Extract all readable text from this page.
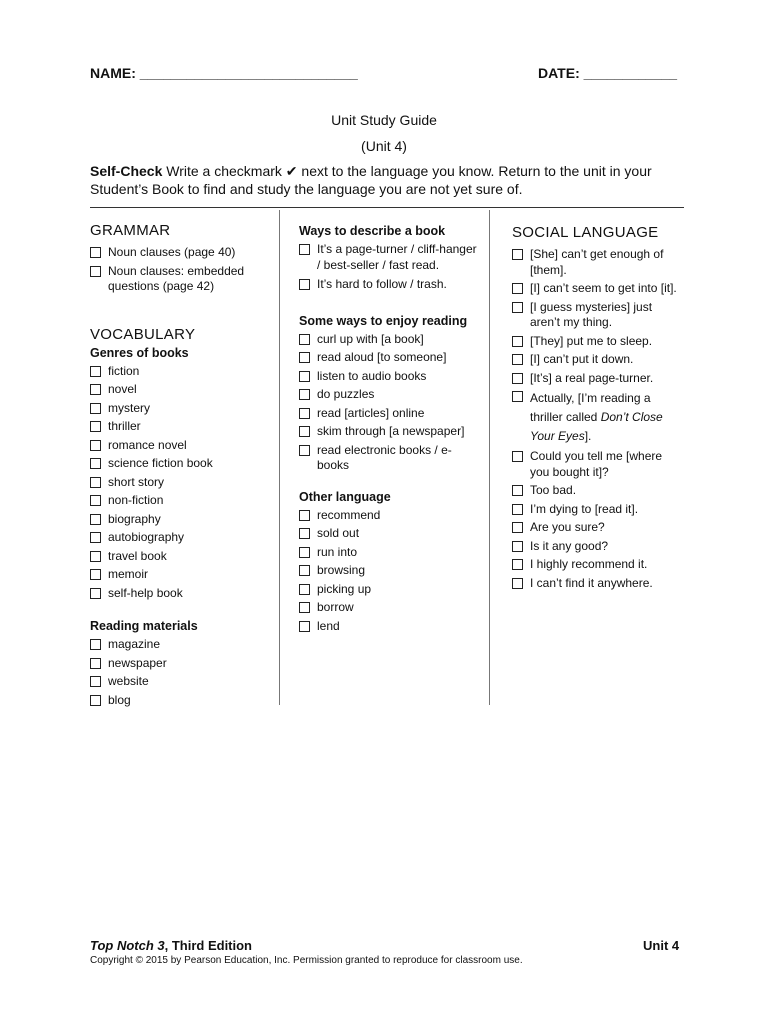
NAME: ____________________________	DATE: ____________
Unit Study Guide
(Unit 4)
Self-Check Write a checkmark ✔ next to the language you know. Return to the unit in your Student’s Book to find and study the language you are not yet sure of.
GRAMMAR
Noun clauses (page 40)
Noun clauses: embedded questions (page 42)
VOCABULARY
Genres of books
fiction
novel
mystery
thriller
romance novel
science fiction book
short story
non-fiction
biography
autobiography
travel book
memoir
self-help book
Reading materials
magazine
newspaper
website
blog
Ways to describe a book
It’s a page-turner / cliff-hanger / best-seller / fast read.
It’s hard to follow / trash.
Some ways to enjoy reading
curl up with [a book]
read aloud [to someone]
listen to audio books
do puzzles
read [articles] online
skim through [a newspaper]
read electronic books / e-books
Other language
recommend
sold out
run into
browsing
picking up
borrow
lend
SOCIAL LANGUAGE
[She] can’t get enough of [them].
[I] can’t seem to get into [it].
[I guess mysteries] just aren’t my thing.
[They] put me to sleep.
[I] can’t put it down.
[It’s] a real page-turner.
Actually, [I’m reading a thriller called Don’t Close Your Eyes].
Could you tell me [where you bought it]?
Too bad.
I’m dying to [read it].
Are you sure?
Is it any good?
I highly recommend it.
I can’t find it anywhere.
Top Notch 3, Third Edition	Unit 4
Copyright © 2015 by Pearson Education, Inc. Permission granted to reproduce for classroom use.
